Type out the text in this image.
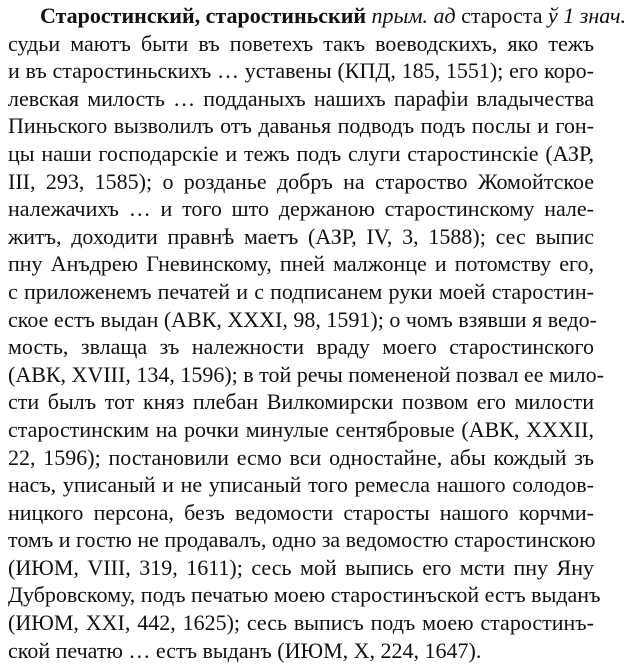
Старостинский, старостиньский прым. ад староста ў 1 знач.
судьи маютъ быти въ поветехъ такъ воеводскихъ, яко тежъ
и въ старостиньскихъ … уставены (КПД, 185, 1551); его коро-
левская милость … подданыхъ нашихъ парафіи владычества
Пиньского вызволилъ отъ даванья подводъ подъ послы и гон-
цы наши господарскіе и тежъ подъ слуги старостинскіе (АЗР,
III, 293, 1585); о розданье добръ на староство Жомойтское
належачихъ … и того што держаною старостинскому нале-
житъ, доходити правнѣ маетъ (АЗР, IV, 3, 1588); сес выпис
пну Анъдрею Гневинскому, пней малжонце и потомству его,
с приложенемъ печатей и с подписанем руки моей старостин-
ское естъ выдан (АВК, XXXI, 98, 1591); о чомъ взявши я ведо-
мость, звлаща зъ належности враду моего старостинского
(АВК, XVIII, 134, 1596); в той речы помененой позвал ее мило-
сти былъ тот княз плебан Вилкомирски позвом его милости
старостинским на рочки минулые сентябровые (АВК, XXXII,
22, 1596); постановили есмо вси одностайне, абы кождый зъ
насъ, уписаный и не уписаный того ремесла нашого солодов-
ницкого персона, безъ ведомости старосты нашого корчми-
томъ и гостю не продавалъ, одно за ведомостю старостинскою
(ИЮМ, VIII, 319, 1611); сесь мой выпись его мсти пну Яну
Дубровскому, подъ печатью моею старостинъской естъ выданъ
(ИЮМ, XXI, 442, 1625); сесь выписъ подъ моею старостинъ-
ской печатю … естъ выданъ (ИЮМ, X, 224, 1647).
